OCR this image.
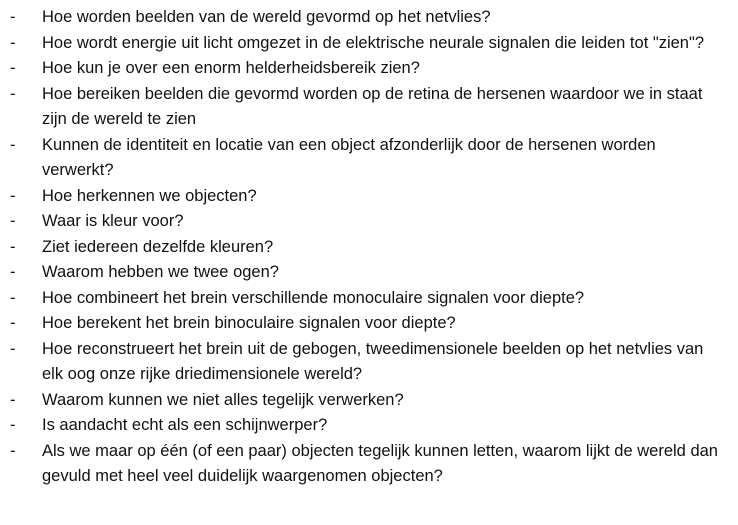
- Hoe worden beelden van de wereld gevormd op het netvlies?
- Hoe wordt energie uit licht omgezet in de elektrische neurale signalen die leiden tot "zien"?
- Hoe kun je over een enorm helderheidsbereik zien?
- Hoe bereiken beelden die gevormd worden op de retina de hersenen waardoor we in staat zijn de wereld te zien
- Kunnen de identiteit en locatie van een object afzonderlijk door de hersenen worden verwerkt?
- Hoe herkennen we objecten?
- Waar is kleur voor?
- Ziet iedereen dezelfde kleuren?
- Waarom hebben we twee ogen?
- Hoe combineert het brein verschillende monoculaire signalen voor diepte?
- Hoe berekent het brein binoculaire signalen voor diepte?
- Hoe reconstrueert het brein uit de gebogen, tweedimensionele beelden op het netvlies van elk oog onze rijke driedimensionele wereld?
- Waarom kunnen we niet alles tegelijk verwerken?
- Is aandacht echt als een schijnwerper?
- Als we maar op één (of een paar) objecten tegelijk kunnen letten, waarom lijkt de wereld dan gevuld met heel veel duidelijk waargenomen objecten?
